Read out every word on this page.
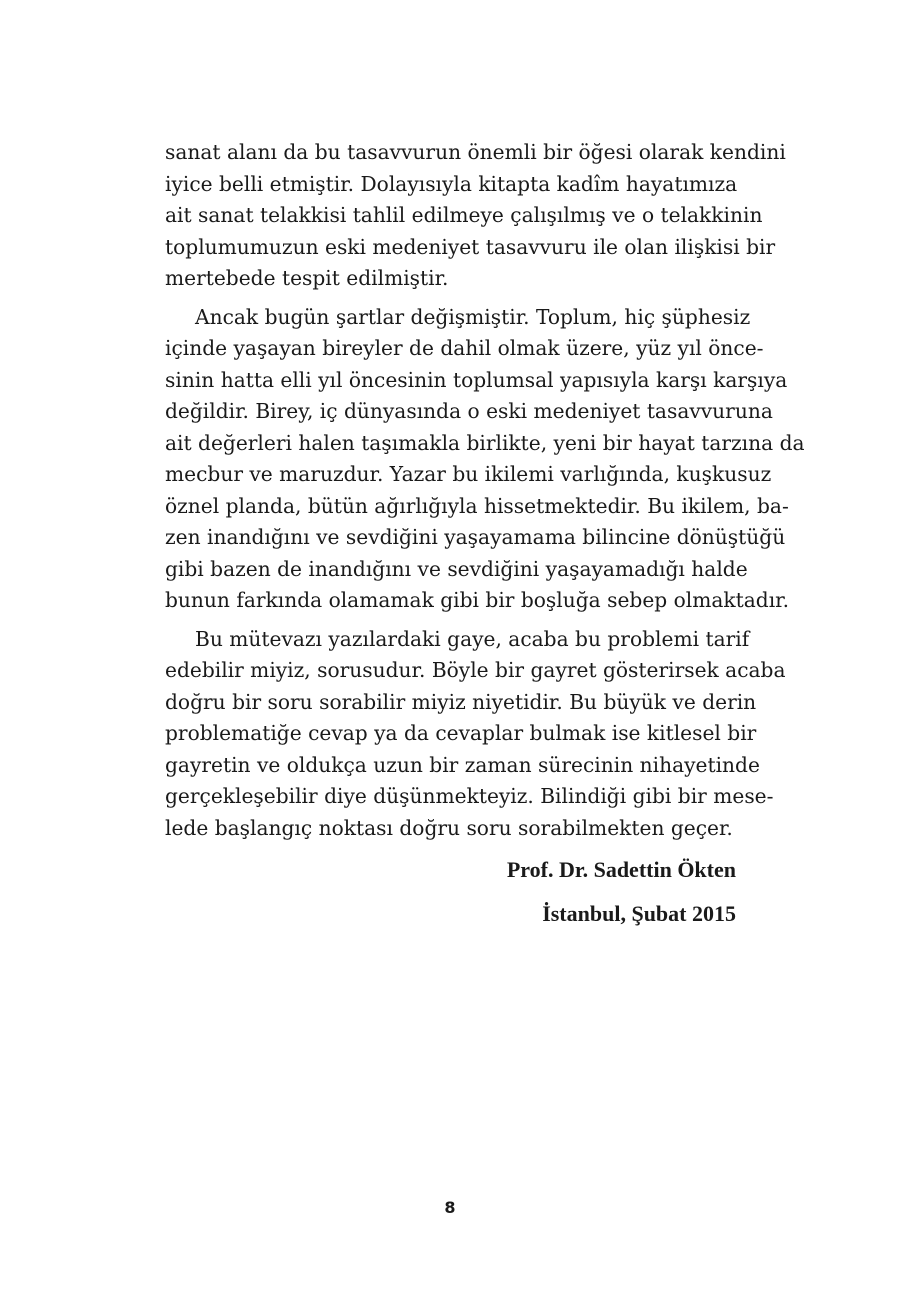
sanat alanı da bu tasavvurun önemli bir öğesi olarak kendini
iyice belli etmiştir. Dolayısıyla kitapta kadîm hayatımıza
ait sanat telakkisi tahlil edilmeye çalışılmış ve o telakkinin
toplumumuzun eski medeniyet tasavvuru ile olan ilişkisi bir
mertebede tespit edilmiştir.
Ancak bugün şartlar değişmiştir. Toplum, hiç şüphesiz
içinde yaşayan bireyler de dahil olmak üzere, yüz yıl önce-
sinin hatta elli yıl öncesinin toplumsal yapısıyla karşı karşıya
değildir. Birey, iç dünyasında o eski medeniyet tasavvuruna
ait değerleri halen taşımakla birlikte, yeni bir hayat tarzına da
mecbur ve maruzdur. Yazar bu ikilemi varlığında, kuşkusuz
öznel planda, bütün ağırlığıyla hissetmektedir. Bu ikilem, ba-
zen inandığını ve sevdiğini yaşayamama bilincine dönüştüğü
gibi bazen de inandığını ve sevdiğini yaşayamadığı halde
bunun farkında olamamak gibi bir boşluğa sebep olmaktadır.
Bu mütevazı yazılardaki gaye, acaba bu problemi tarif
edebilir miyiz, sorusudur. Böyle bir gayret gösterirsek acaba
doğru bir soru sorabilir miyiz niyetidir. Bu büyük ve derin
problematiğe cevap ya da cevaplar bulmak ise kitlesel bir
gayretin ve oldukça uzun bir zaman sürecinin nihayetinde
gerçekleşebilir diye düşünmekteyiz. Bilindiği gibi bir mese-
lede başlangıç noktası doğru soru sorabilmekten geçer.
Prof. Dr. Sadettin Ökten
İstanbul, Şubat 2015
8
